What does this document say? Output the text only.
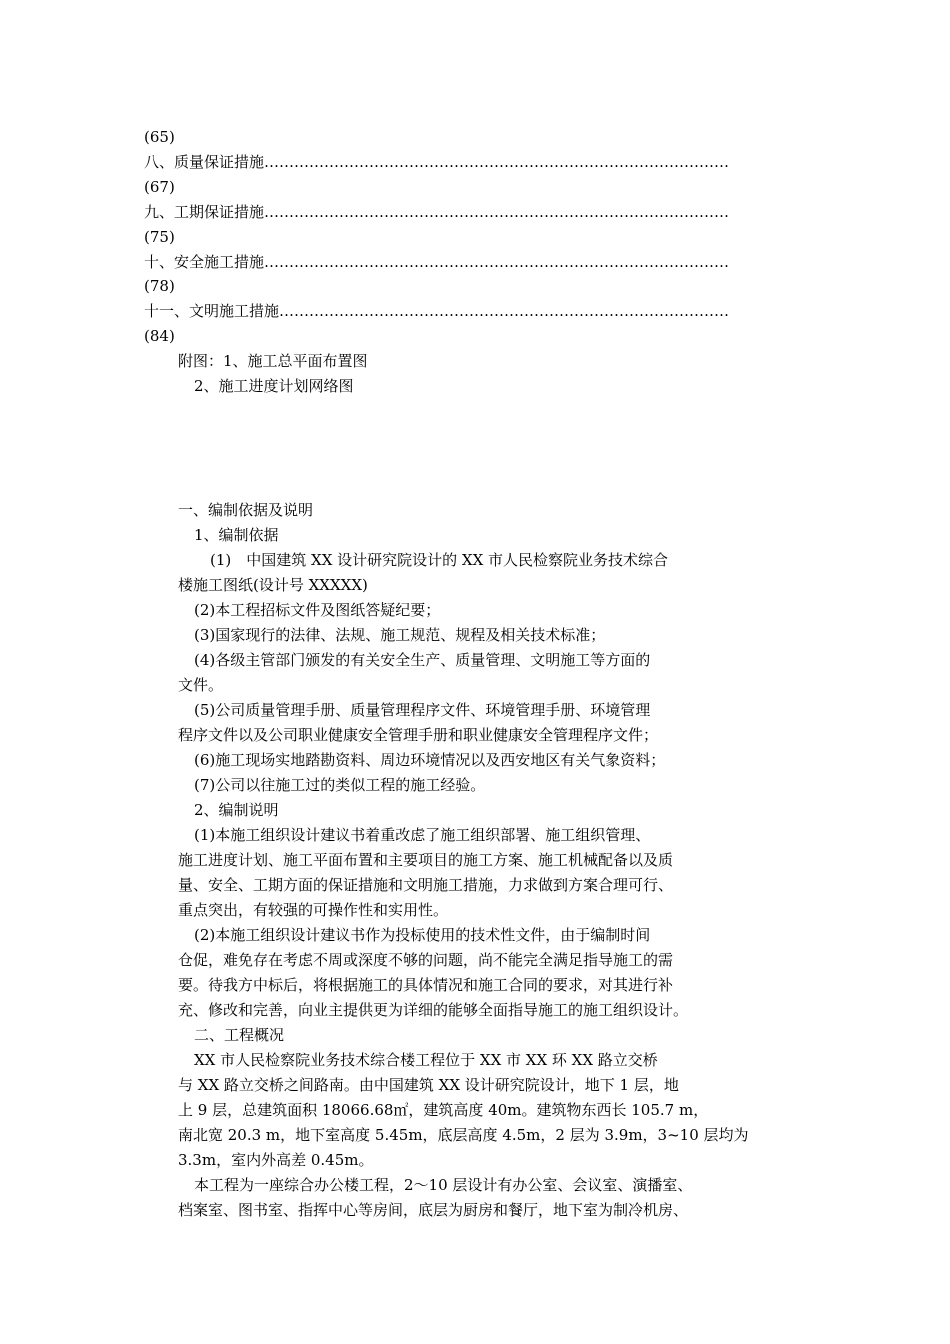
(65)
八、质量保证措施…………………………………………………………………………………
(67)
九、工期保证措施…………………………………………………………………………………
(75)
十、安全施工措施…………………………………………………………………………………
(78)
十一、文明施工措施………………………………………………………………………………
(84)
附图：1、施工总平面布置图
2、施工进度计划网络图
一、编制依据及说明
1、编制依据
(1)　中国建筑 XX 设计研究院设计的 XX 市人民检察院业务技术综合
楼施工图纸(设计号 XXXXX)
(2)本工程招标文件及图纸答疑纪要；
(3)国家现行的法律、法规、施工规范、规程及相关技术标准；
(4)各级主管部门颁发的有关安全生产、质量管理、文明施工等方面的
文件。
(5)公司质量管理手册、质量管理程序文件、环境管理手册、环境管理
程序文件以及公司职业健康安全管理手册和职业健康安全管理程序文件；
(6)施工现场实地踏勘资料、周边环境情况以及西安地区有关气象资料；
(7)公司以往施工过的类似工程的施工经验。
2、编制说明
(1)本施工组织设计建议书着重改虑了施工组织部署、施工组织管理、
施工进度计划、施工平面布置和主要项目的施工方案、施工机械配备以及质
量、安全、工期方面的保证措施和文明施工措施，力求做到方案合理可行、
重点突出，有较强的可操作性和实用性。
(2)本施工组织设计建议书作为投标使用的技术性文件，由于编制时间
仓促，难免存在考虑不周或深度不够的问题，尚不能完全满足指导施工的需
要。待我方中标后，将根据施工的具体情况和施工合同的要求，对其进行补
充、修改和完善，向业主提供更为详细的能够全面指导施工的施工组织设计。
二、工程概况
XX 市人民检察院业务技术综合楼工程位于 XX 市 XX 环 XX 路立交桥
与 XX 路立交桥之间路南。由中国建筑 XX 设计研究院设计，地下 1 层，地
上 9 层，总建筑面积 18066.68㎡，建筑高度 40m。建筑物东西长 105.7 m，
南北宽 20.3 m，地下室高度 5.45m，底层高度 4.5m，2 层为 3.9m，3~10 层均为
3.3m，室内外高差 0.45m。
本工程为一座综合办公楼工程，2～10 层设计有办公室、会议室、演播室、
档案室、图书室、指挥中心等房间，底层为厨房和餐厅，地下室为制冷机房、
